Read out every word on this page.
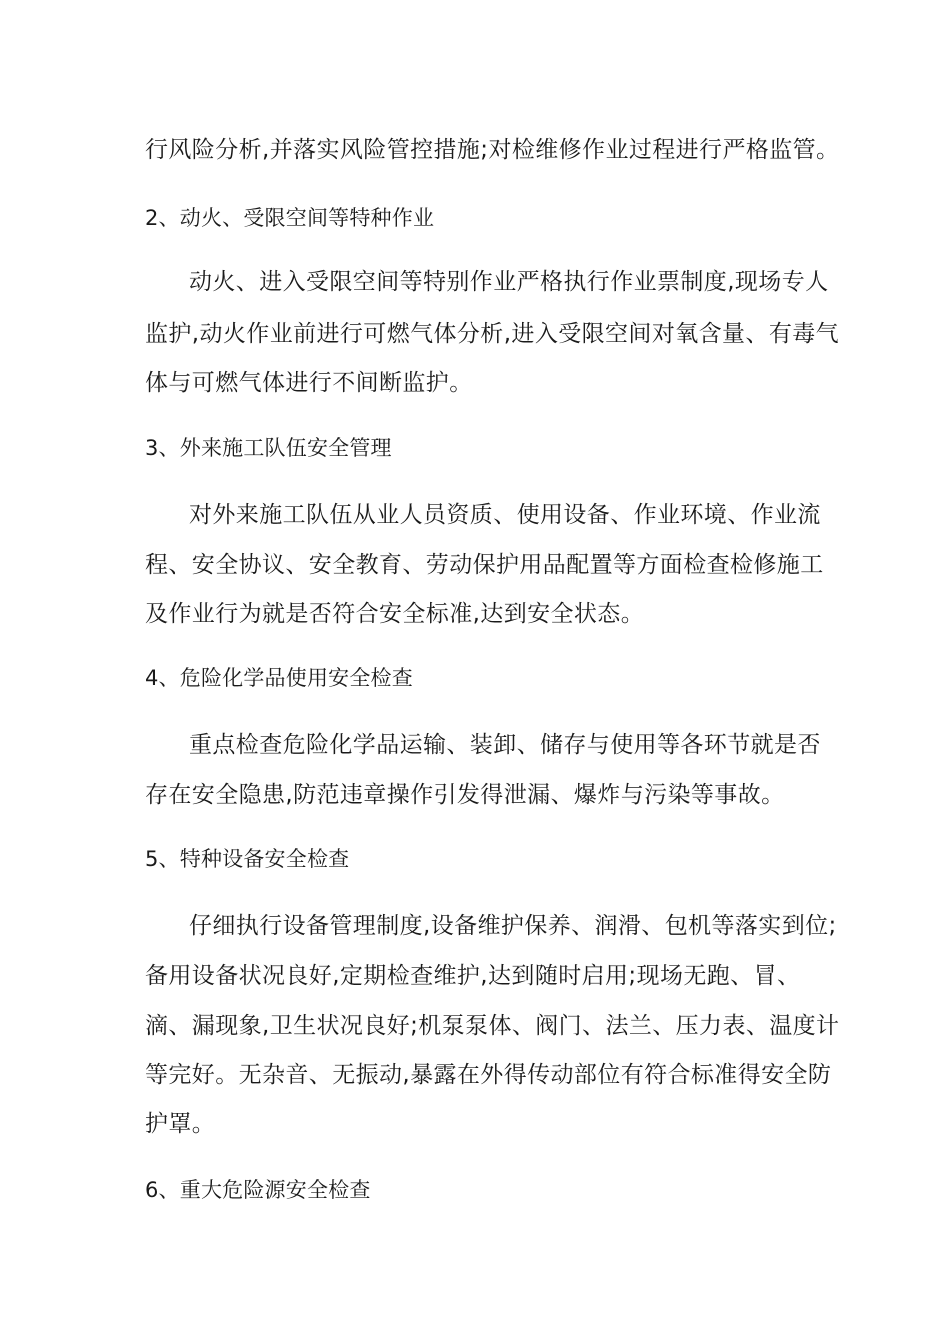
行风险分析,并落实风险管控措施;对检维修作业过程进行严格监管。
2、动火、受限空间等特种作业
动火、进入受限空间等特别作业严格执行作业票制度,现场专人
监护,动火作业前进行可燃气体分析,进入受限空间对氧含量、有毒气
体与可燃气体进行不间断监护。
3、外来施工队伍安全管理
对外来施工队伍从业人员资质、使用设备、作业环境、作业流
程、安全协议、安全教育、劳动保护用品配置等方面检查检修施工
及作业行为就是否符合安全标准,达到安全状态。
4、危险化学品使用安全检查
重点检查危险化学品运输、装卸、储存与使用等各环节就是否
存在安全隐患,防范违章操作引发得泄漏、爆炸与污染等事故。
5、特种设备安全检查
仔细执行设备管理制度,设备维护保养、润滑、包机等落实到位;
备用设备状况良好,定期检查维护,达到随时启用;现场无跑、冒、
滴、漏现象,卫生状况良好;机泵泵体、阀门、法兰、压力表、温度计
等完好。无杂音、无振动,暴露在外得传动部位有符合标准得安全防
护罩。
6、重大危险源安全检查
